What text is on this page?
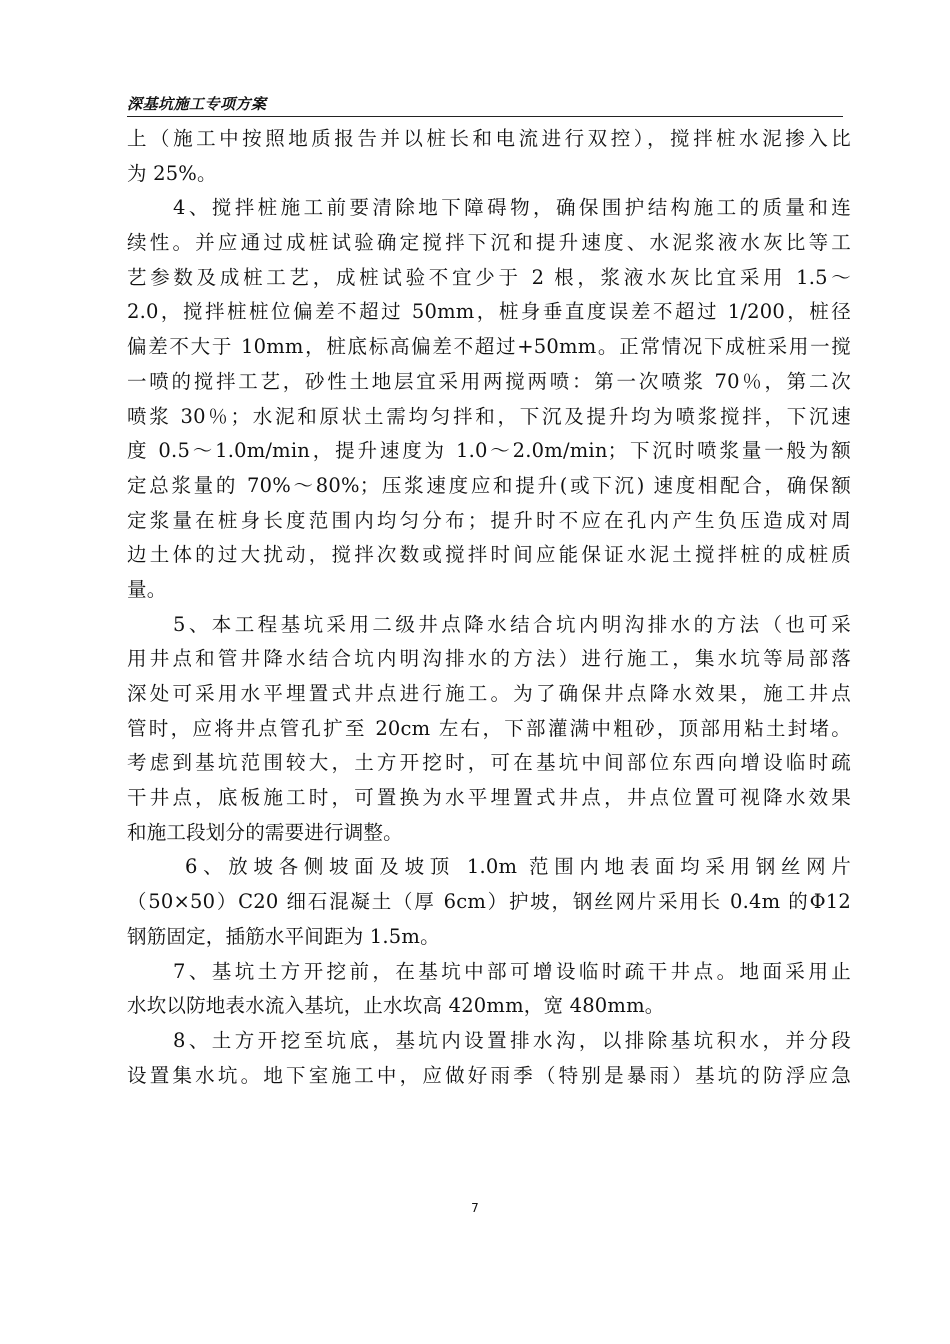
深基坑施工专项方案
上（施工中按照地质报告并以桩长和电流进行双控），搅拌桩水泥掺入比
为 25%。
4、搅拌桩施工前要清除地下障碍物，确保围护结构施工的质量和连
续性。并应通过成桩试验确定搅拌下沉和提升速度、水泥浆液水灰比等工
艺参数及成桩工艺，成桩试验不宜少于 2 根，浆液水灰比宜采用 1.5～
2.0，搅拌桩桩位偏差不超过 50mm，桩身垂直度误差不超过 1/200，桩径
偏差不大于 10mm，桩底标高偏差不超过+50mm。正常情况下成桩采用一搅
一喷的搅拌工艺，砂性土地层宜采用两搅两喷：第一次喷浆 70％，第二次
喷浆 30％；水泥和原状土需均匀拌和，下沉及提升均为喷浆搅拌，下沉速
度 0.5～1.0m/min，提升速度为 1.0～2.0m/min；下沉时喷浆量一般为额
定总浆量的 70%～80%；压浆速度应和提升(或下沉) 速度相配合，确保额
定浆量在桩身长度范围内均匀分布；提升时不应在孔内产生负压造成对周
边土体的过大扰动，搅拌次数或搅拌时间应能保证水泥土搅拌桩的成桩质
量。
5、本工程基坑采用二级井点降水结合坑内明沟排水的方法（也可采
用井点和管井降水结合坑内明沟排水的方法）进行施工，集水坑等局部落
深处可采用水平埋置式井点进行施工。为了确保井点降水效果，施工井点
管时，应将井点管孔扩至 20cm 左右，下部灌满中粗砂，顶部用粘土封堵。
考虑到基坑范围较大，土方开挖时，可在基坑中间部位东西向增设临时疏
干井点，底板施工时，可置换为水平埋置式井点，井点位置可视降水效果
和施工段划分的需要进行调整。
6、放坡各侧坡面及坡顶 1.0m 范围内地表面均采用钢丝网片
（50×50）C20 细石混凝土（厚 6cm）护坡，钢丝网片采用长 0.4m 的Φ12
钢筋固定，插筋水平间距为 1.5m。
7、基坑土方开挖前，在基坑中部可增设临时疏干井点。地面采用止
水坎以防地表水流入基坑，止水坎高 420mm，宽 480mm。
8、土方开挖至坑底，基坑内设置排水沟，以排除基坑积水，并分段
设置集水坑。地下室施工中，应做好雨季（特别是暴雨）基坑的防浮应急
7
